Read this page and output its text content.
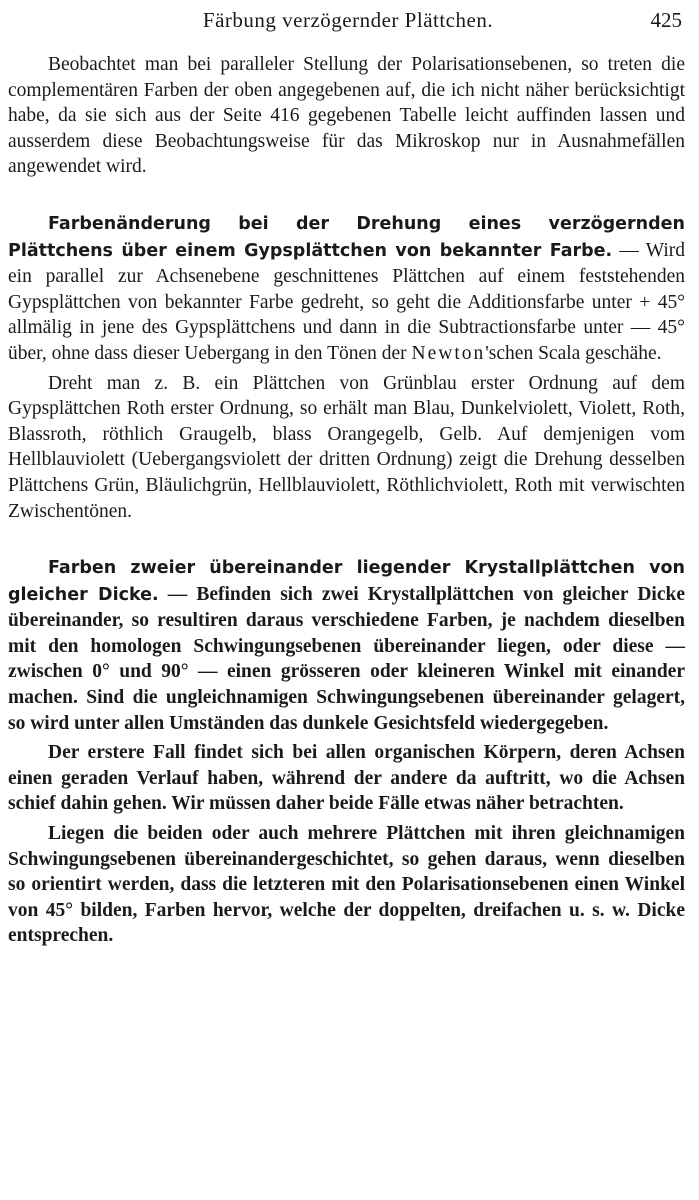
Färbung verzögernder Plättchen.	425

Beobachtet man bei paralleler Stellung der Polarisationsebenen, so treten die complementären Farben der oben angegebenen auf, die ich nicht näher berücksichtigt habe, da sie sich aus der Seite 416 gegebenen Tabelle leicht auffinden lassen und ausserdem diese Beobachtungsweise für das Mikroskop nur in Ausnahmefällen angewendet wird.

Farbenänderung bei der Drehung eines verzögernden Plättchens über einem Gypsplättchen von bekannter Farbe. — Wird ein parallel zur Achsenebene geschnittenes Plättchen auf einem feststehenden Gypsplättchen von bekannter Farbe gedreht, so geht die Additionsfarbe unter + 45° allmälig in jene des Gypsplättchens und dann in die Subtractionsfarbe unter — 45° über, ohne dass dieser Uebergang in den Tönen der Newton'schen Scala geschähe.

Dreht man z. B. ein Plättchen von Grünblau erster Ordnung auf dem Gypsplättchen Roth erster Ordnung, so erhält man Blau, Dunkelviolett, Violett, Roth, Blassroth, röthlich Graugelb, blass Orangegelb, Gelb. Auf demjenigen vom Hellblauviolett (Uebergangsviolett der dritten Ordnung) zeigt die Drehung desselben Plättchens Grün, Bläulichgrün, Hellblauviolett, Röthlichviolett, Roth mit verwischten Zwischentönen.

Farben zweier übereinander liegender Krystallplättchen von gleicher Dicke. — Befinden sich zwei Krystallplättchen von gleicher Dicke übereinander, so resultiren daraus verschiedene Farben, je nachdem dieselben mit den homologen Schwingungsebenen übereinander liegen, oder diese — zwischen 0° und 90° — einen grösseren oder kleineren Winkel mit einander machen. Sind die ungleichnamigen Schwingungsebenen übereinander gelagert, so wird unter allen Umständen das dunkele Gesichtsfeld wiedergegeben.

Der erstere Fall findet sich bei allen organischen Körpern, deren Achsen einen geraden Verlauf haben, während der andere da auftritt, wo die Achsen schief dahin gehen. Wir müssen daher beide Fälle etwas näher betrachten.

Liegen die beiden oder auch mehrere Plättchen mit ihren gleichnamigen Schwingungsebenen übereinandergeschichtet, so gehen daraus, wenn dieselben so orientirt werden, dass die letzteren mit den Polarisationsebenen einen Winkel von 45° bilden, Farben hervor, welche der doppelten, dreifachen u. s. w. Dicke entsprechen.
